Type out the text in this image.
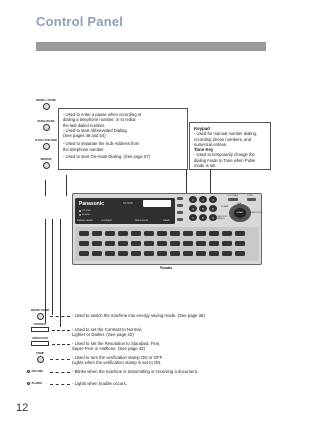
Control Panel
PREDIAL / PAUSE
REDIAL/PAUSE
FLASH / SUB-ADDR
MONITOR
- Used to enter a pause when recording or
dialing a telephone number, or to redial
the last dialed number.
- Used to start Abbreviated Dialing.
(See pages 48 and 54)
- Used to separate the Sub-Address from
the telephone number
- Used to start On-Hook Dialing. (See page 57)
Keypad
- Used for manual number dialing,
recording phone numbers, and
numerical entries.
Tone Key
- Used to temporarily change the
dialing mode to Tone when Pulse
mode is set.
Panasonic	UF-5600
ON LINE
ALARM
ENERGY SAVER	CONTRAST	RESOLUTION	STAMP
1	2	3
4	5	6
7	8	9
COPY/FAX	STOP
CLEAR
START
DIRECTORY SEARCH
FUNCTION
Panafax
ENERGY SAVER
CONTRAST
RESOLUTION
STAMP
ON LINE
ALARM
- Used to switch the machine into energy saving mode. (See page 36)
- Used to set the Contrast to Normal,
Lighter or Darker. (See page 42)
- Used to set the Resolution to Standard, Fine,
Super-Fine or Halftone. (See page 42)
- Used to turn the verification stamp ON or OFF.
Lights when the verification stamp is set to ON.
- Blinks when the machine is transmitting or receiving a document.
- Lights when trouble occurs.
12
